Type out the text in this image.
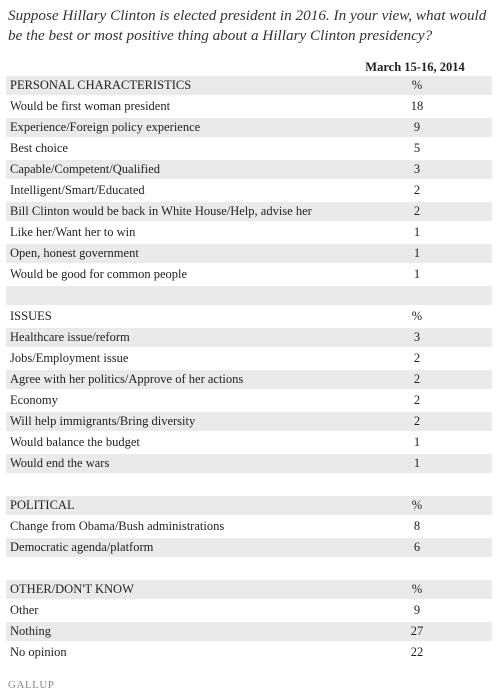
Suppose Hillary Clinton is elected president in 2016. In your view, what would be the best or most positive thing about a Hillary Clinton presidency?

March 15-16, 2014

PERSONAL CHARACTERISTICS	%
Would be first woman president	18
Experience/Foreign policy experience	9
Best choice	5
Capable/Competent/Qualified	3
Intelligent/Smart/Educated	2
Bill Clinton would be back in White House/Help, advise her	2
Like her/Want her to win	1
Open, honest government	1
Would be good for common people	1

ISSUES	%
Healthcare issue/reform	3
Jobs/Employment issue	2
Agree with her politics/Approve of her actions	2
Economy	2
Will help immigrants/Bring diversity	2
Would balance the budget	1
Would end the wars	1

POLITICAL	%
Change from Obama/Bush administrations	8
Democratic agenda/platform	6

OTHER/DON'T KNOW	%
Other	9
Nothing	27
No opinion	22

GALLUP
